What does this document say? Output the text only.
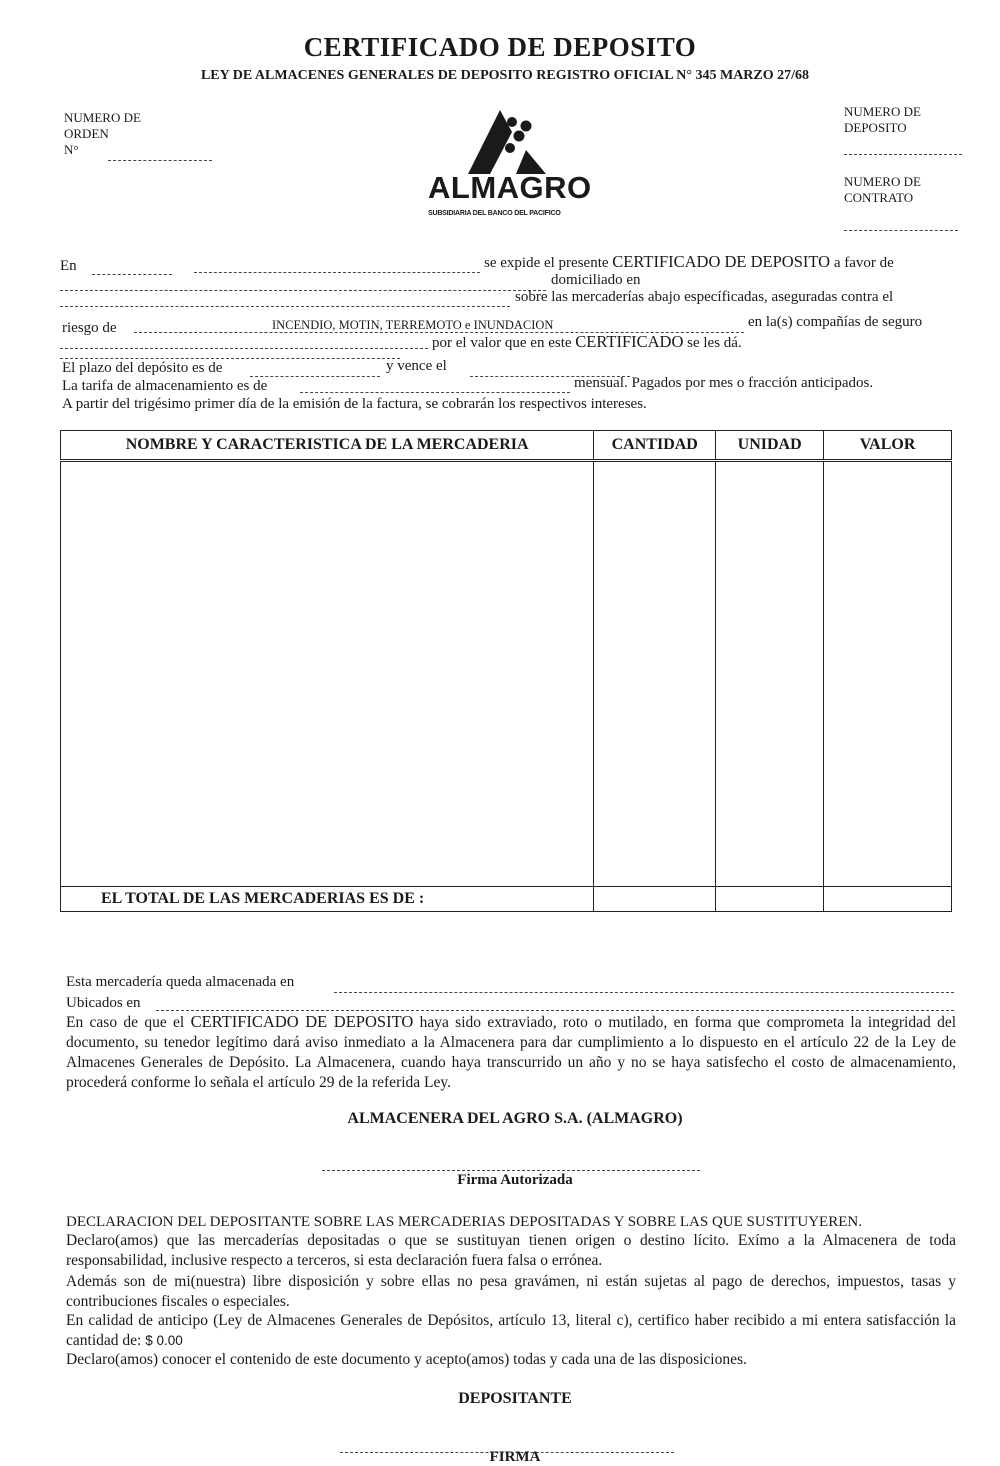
CERTIFICADO DE DEPOSITO
LEY DE ALMACENES GENERALES DE DEPOSITO REGISTRO OFICIAL N° 345 MARZO 27/68
NUMERO DE
ORDEN
N°
ALMAGRO
SUBSIDIARIA DEL BANCO DEL PACIFICO
NUMERO DE
DEPOSITO
NUMERO DE
CONTRATO
En	se expide el presente CERTIFICADO DE DEPOSITO a favor de
domiciliado en
sobre las mercaderías abajo específicadas, aseguradas contra el
riesgo de	INCENDIO, MOTIN, TERREMOTO e INUNDACION	en la(s) compañías de seguro
por el valor que en este CERTIFICADO se les dá.
El plazo del depósito es de	y vence el
La tarifa de almacenamiento es de	mensual. Pagados por mes o fracción anticipados.
A partir del trigésimo primer día de la emisión de la factura, se cobrarán los respectivos intereses.
NOMBRE Y CARACTERISTICA DE LA MERCADERIA	CANTIDAD	UNIDAD	VALOR

EL TOTAL DE LAS MERCADERIAS ES DE :			
Esta mercadería queda almacenada en
Ubicados en
En caso de que el CERTIFICADO DE DEPOSITO haya sido extraviado, roto o mutilado, en forma que comprometa la integridad del documento, su tenedor legítimo dará aviso inmediato a la Almacenera para dar cumplimiento a lo dispuesto en el artículo 22 de la Ley de Almacenes Generales de Depósito. La Almacenera, cuando haya transcurrido un año y no se haya satisfecho el costo de almacenamiento, procederá conforme lo señala el artículo 29 de la referida Ley.
ALMACENERA DEL AGRO S.A. (ALMAGRO)
Firma Autorizada
DECLARACION DEL DEPOSITANTE SOBRE LAS MERCADERIAS DEPOSITADAS Y SOBRE LAS QUE SUSTITUYEREN.
Declaro(amos) que las mercaderías depositadas o que se sustituyan tienen origen o destino lícito. Exímo a la Almacenera de toda responsabilidad, inclusive respecto a terceros, si esta declaración fuera falsa o errónea.
Además son de mi(nuestra) libre disposición y sobre ellas no pesa gravámen, ni están sujetas al pago de derechos, impuestos, tasas y contribuciones fiscales o especiales.
En calidad de anticipo (Ley de Almacenes Generales de Depósitos, artículo 13, literal c), certifico haber recibido a mi entera satisfacción la cantidad de: $ 0.00
Declaro(amos) conocer el contenido de este documento y acepto(amos) todas y cada una de las disposiciones.
DEPOSITANTE
FIRMA
